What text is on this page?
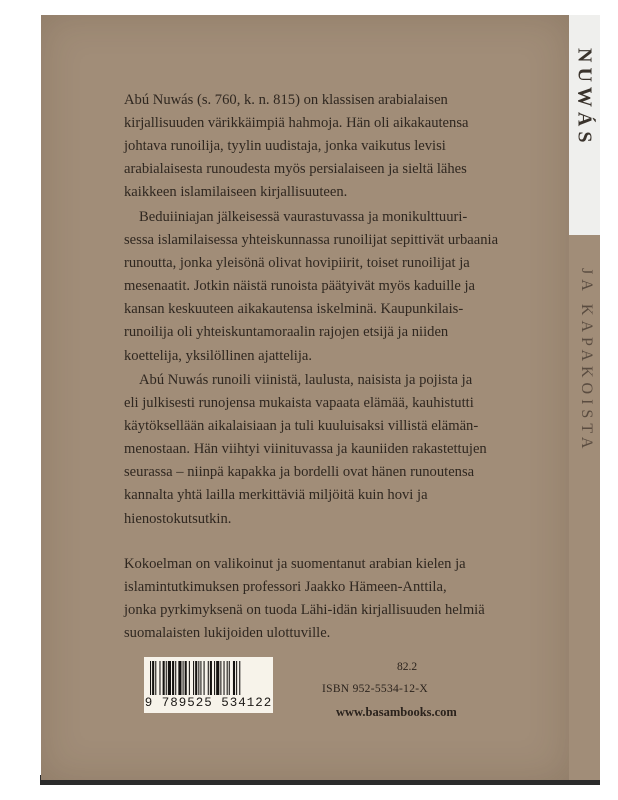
NUWÁS
JA KAPAKOISTA

Abú Nuwás (s. 760, k. n. 815) on klassisen arabialaisen

kirjallisuuden värikkäimpiä hahmoja. Hän oli aikakautensa

johtava runoilija, tyylin uudistaja, jonka vaikutus levisi

arabialaisesta runoudesta myös persialaiseen ja sieltä lähes

kaikkeen islamilaiseen kirjallisuuteen.

Beduiiniajan jälkeisessä vaurastuvassa ja monikulttuuri-

sessa islamilaisessa yhteiskunnassa runoilijat sepittivät urbaania

runoutta, jonka yleisönä olivat hovipiirit, toiset runoilijat ja

mesenaatit. Jotkin näistä runoista päätyivät myös kaduille ja

kansan keskuuteen aikakautensa iskelminä. Kaupunkilais-

runoilija oli yhteiskuntamoraalin rajojen etsijä ja niiden

koettelija, yksilöllinen ajattelija.

Abú Nuwás runoili viinistä, laulusta, naisista ja pojista ja

eli julkisesti runojensa mukaista vapaata elämää, kauhistutti

käytöksellään aikalaisiaan ja tuli kuuluisaksi villistä elämän-

menostaan. Hän viihtyi viinituvassa ja kauniiden rakastettujen

seurassa – niinpä kapakka ja bordelli ovat hänen runoutensa

kannalta yhtä lailla merkittäviä miljöitä kuin hovi ja

hienostokutsutkin.

Kokoelman on valikoinut ja suomentanut arabian kielen ja

islamintutkimuksen professori Jaakko Hämeen-Anttila,

jonka pyrkimyksenä on tuoda Lähi-idän kirjallisuuden helmiä

suomalaisten lukijoiden ulottuville.

9 789525 534122
82.2
ISBN 952-5534-12-X
www.basambooks.com
